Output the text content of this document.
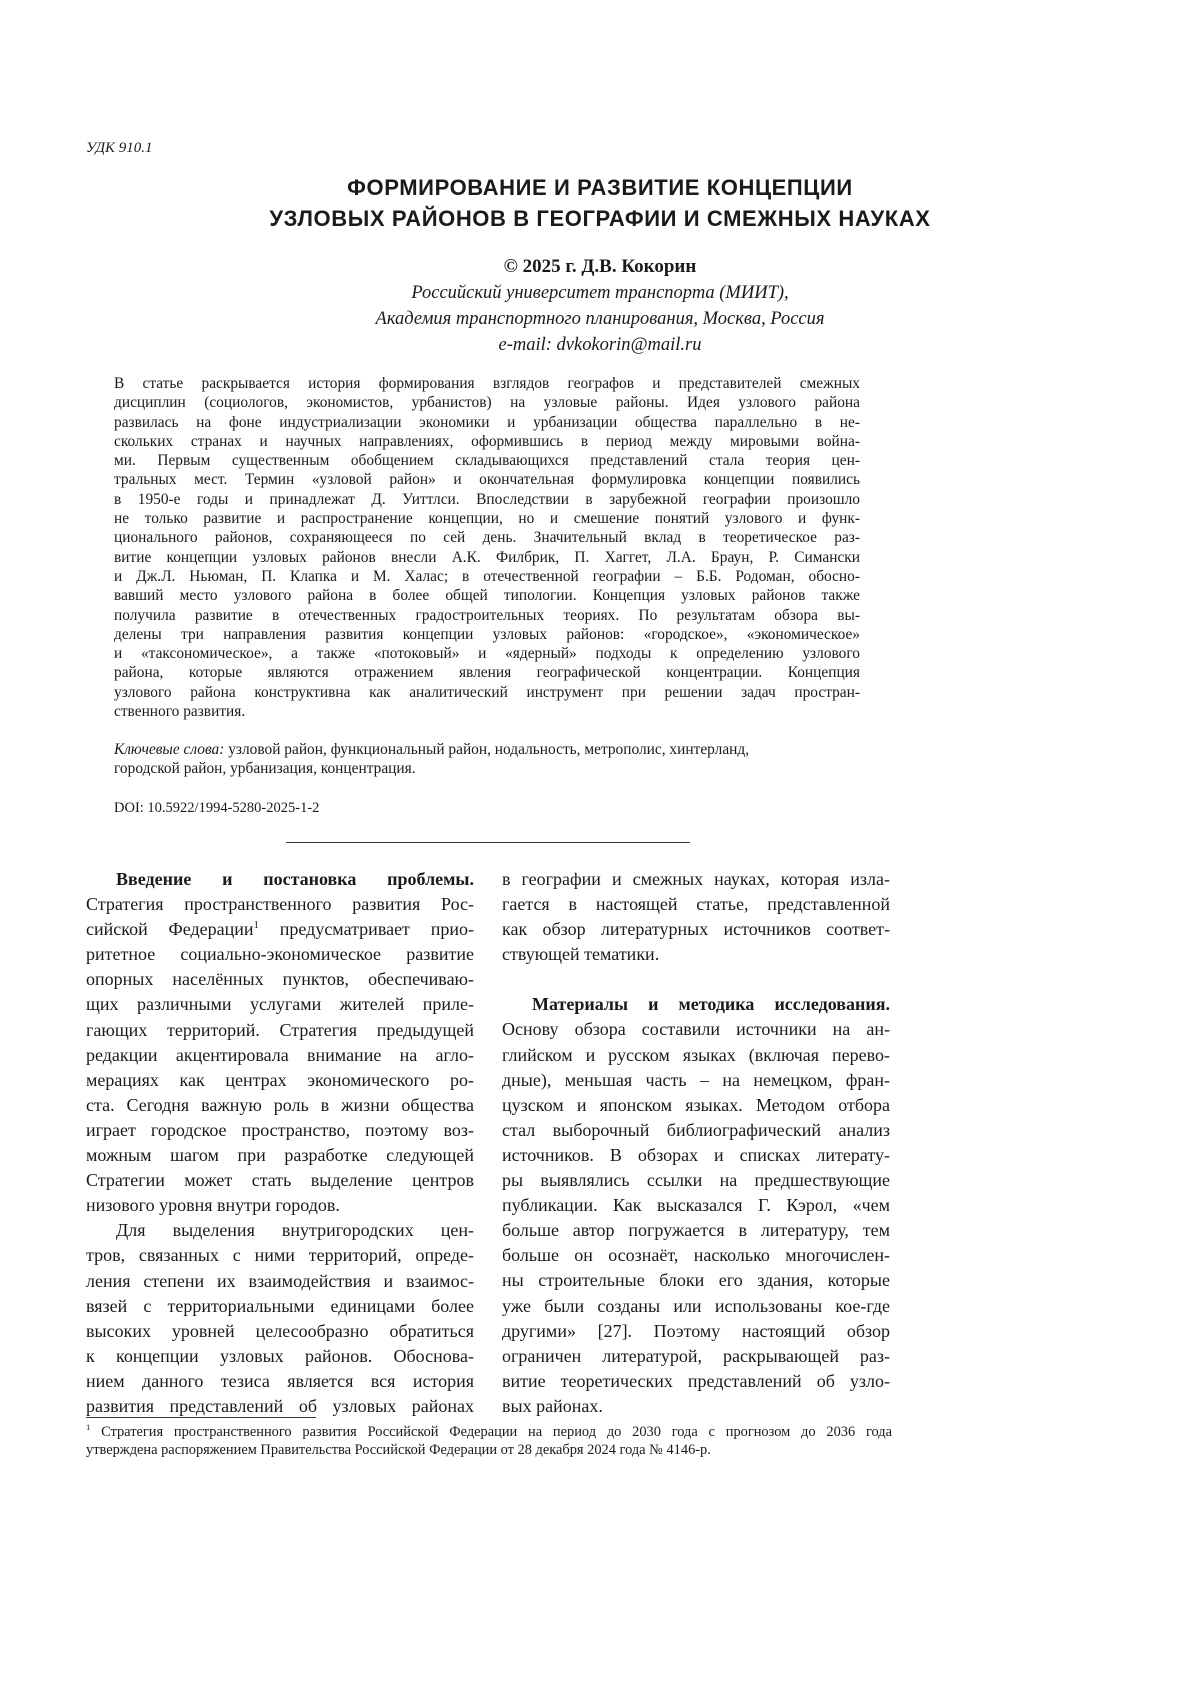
УДК 910.1
ФОРМИРОВАНИЕ И РАЗВИТИЕ КОНЦЕПЦИИ
УЗЛОВЫХ РАЙОНОВ В ГЕОГРАФИИ И СМЕЖНЫХ НАУКАХ
© 2025 г. Д.В. Кокорин
Российский университет транспорта (МИИТ),
Академия транспортного планирования, Москва, Россия
e-mail: dvkokorin@mail.ru
В статье раскрывается история формирования взглядов географов и представителей смежных
дисциплин (социологов, экономистов, урбанистов) на узловые районы. Идея узлового района
развилась на фоне индустриализации экономики и урбанизации общества параллельно в не-
скольких странах и научных направлениях, оформившись в период между мировыми война-
ми. Первым существенным обобщением складывающихся представлений стала теория цен-
тральных мест. Термин «узловой район» и окончательная формулировка концепции появились
в 1950-е годы и принадлежат Д. Уиттлси. Впоследствии в зарубежной географии произошло
не только развитие и распространение концепции, но и смешение понятий узлового и функ-
ционального районов, сохраняющееся по сей день. Значительный вклад в теоретическое раз-
витие концепции узловых районов внесли А.К. Филбрик, П. Хаггет, Л.А. Браун, Р. Симански
и Дж.Л. Ньюман, П. Клапка и М. Халас; в отечественной географии – Б.Б. Родоман, обосно-
вавший место узлового района в более общей типологии. Концепция узловых районов также
получила развитие в отечественных градостроительных теориях. По результатам обзора вы-
делены три направления развития концепции узловых районов: «городское», «экономическое»
и «таксономическое», а также «потоковый» и «ядерный» подходы к определению узлового
района, которые являются отражением явления географической концентрации. Концепция
узлового района конструктивна как аналитический инструмент при решении задач простран-
ственного развития.
Ключевые слова: узловой район, функциональный район, нодальность, метрополис, хинтерланд,
городской район, урбанизация, концентрация.
DOI: 10.5922/1994-5280-2025-1-2
Введение и постановка проблемы.
Стратегия пространственного развития Рос-
сийской Федерации$^1$ предусматривает прио-
ритетное социально-экономическое развитие
опорных населённых пунктов, обеспечиваю-
щих различными услугами жителей приле-
гающих территорий. Стратегия предыдущей
редакции акцентировала внимание на агло-
мерациях как центрах экономического ро-
ста. Сегодня важную роль в жизни общества
играет городское пространство, поэтому воз-
можным шагом при разработке следующей
Стратегии может стать выделение центров
низового уровня внутри городов.
Для выделения внутригородских цен-
тров, связанных с ними территорий, опреде-
ления степени их взаимодействия и взаимос-
вязей с территориальными единицами более
высоких уровней целесообразно обратиться
к концепции узловых районов. Обоснова-
нием данного тезиса является вся история
развития представлений об узловых районах
в географии и смежных науках, которая изла-
гается в настоящей статье, представленной
как обзор литературных источников соответ-
ствующей тематики.
Материалы и методика исследования.
Основу обзора составили источники на ан-
глийском и русском языках (включая перево-
дные), меньшая часть – на немецком, фран-
цузском и японском языках. Методом отбора
стал выборочный библиографический анализ
источников. В обзорах и списках литерату-
ры выявлялись ссылки на предшествующие
публикации. Как высказался Г. Кэрол, «чем
больше автор погружается в литературу, тем
больше он осознаёт, насколько многочислен-
ны строительные блоки его здания, которые
уже были созданы или использованы кое-где
другими» [27]. Поэтому настоящий обзор
ограничен литературой, раскрывающей раз-
витие теоретических представлений об узло-
вых районах.
$^1$ Стратегия пространственного развития Российской Федерации на период до 2030 года с прогнозом до 2036 года
утверждена распоряжением Правительства Российской Федерации от 28 декабря 2024 года № 4146-р.
